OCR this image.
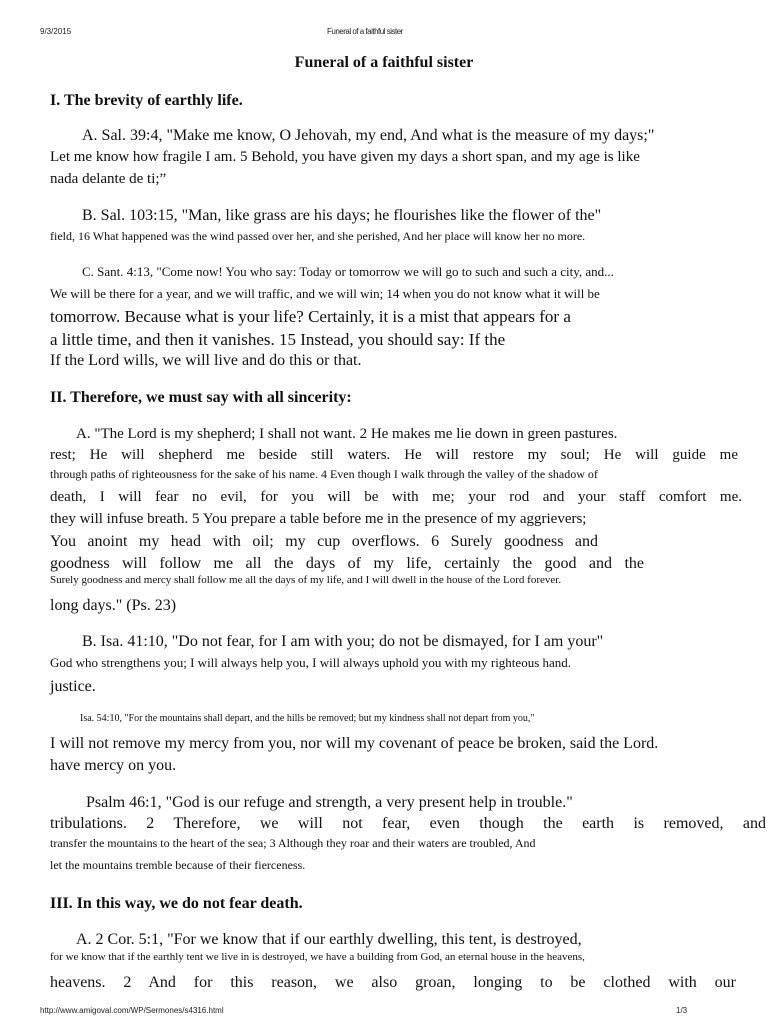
9/3/2015	Funeral of a faithful sister
Funeral of a faithful sister
I. The brevity of earthly life.
A. Sal. 39:4, "Make me know, O Jehovah, my end, And what is the measure of my days;"
Let me know how fragile I am. 5 Behold, you have given my days a short span, and my age is like
nada delante de ti;”
B. Sal. 103:15, "Man, like grass are his days; he flourishes like the flower of the"
field, 16 What happened was the wind passed over her, and she perished, And her place will know her no more.
C. Sant. 4:13, "Come now! You who say: Today or tomorrow we will go to such and such a city, and...
We will be there for a year, and we will traffic, and we will win; 14 when you do not know what it will be
tomorrow. Because what is your life? Certainly, it is a mist that appears for a
a little time, and then it vanishes. 15 Instead, you should say: If the
If the Lord wills, we will live and do this or that.
II. Therefore, we must say with all sincerity:
A. "The Lord is my shepherd; I shall not want. 2 He makes me lie down in green pastures.
rest; He will shepherd me beside still waters. He will restore my soul; He will guide me
through paths of righteousness for the sake of his name. 4 Even though I walk through the valley of the shadow of
death, I will fear no evil, for you will be with me; your rod and your staff comfort me.
they will infuse breath. 5 You prepare a table before me in the presence of my aggrievers;
You anoint my head with oil; my cup overflows. 6 Surely goodness and
goodness will follow me all the days of my life, certainly the good and the
Surely goodness and mercy shall follow me all the days of my life, and I will dwell in the house of the Lord forever.
long days." (Ps. 23)
B. Isa. 41:10, "Do not fear, for I am with you; do not be dismayed, for I am your"
God who strengthens you; I will always help you, I will always uphold you with my righteous hand.
justice.
Isa. 54:10, "For the mountains shall depart, and the hills be removed; but my kindness shall not depart from you,"
I will not remove my mercy from you, nor will my covenant of peace be broken, said the Lord.
have mercy on you.
Psalm 46:1, "God is our refuge and strength, a very present help in trouble."
tribulations. 2 Therefore, we will not fear, even though the earth is removed, and
transfer the mountains to the heart of the sea; 3 Although they roar and their waters are troubled, And
let the mountains tremble because of their fierceness.
III. In this way, we do not fear death.
A. 2 Cor. 5:1, "For we know that if our earthly dwelling, this tent, is destroyed,
for we know that if the earthly tent we live in is destroyed, we have a building from God, an eternal house in the heavens,
heavens. 2 And for this reason, we also groan, longing to be clothed with our
http://www.amigoval.com/WP/Sermones/s4316.html	1/3
